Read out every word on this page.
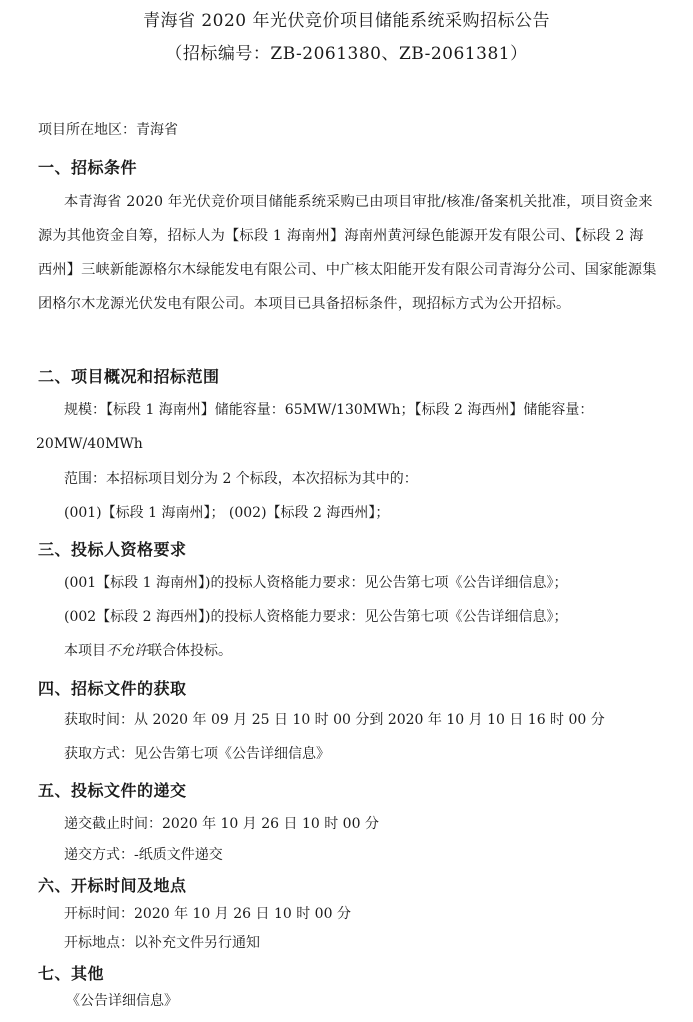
青海省 2020 年光伏竞价项目储能系统采购招标公告
（招标编号：ZB-2061380、ZB-2061381）
项目所在地区：青海省
一、招标条件
本青海省 2020 年光伏竞价项目储能系统采购已由项目审批/核准/备案机关批准，项目资金来源为其他资金自筹，招标人为【标段 1 海南州】海南州黄河绿色能源开发有限公司、【标段 2 海西州】三峡新能源格尔木绿能发电有限公司、中广核太阳能开发有限公司青海分公司、国家能源集团格尔木龙源光伏发电有限公司。本项目已具备招标条件，现招标方式为公开招标。
二、项目概况和招标范围
规模：【标段 1 海南州】储能容量：65MW/130MWh；【标段 2 海西州】储能容量：
20MW/40MWh
范围：本招标项目划分为 2 个标段，本次招标为其中的：
(001)【标段 1 海南州】； (002)【标段 2 海西州】；
三、投标人资格要求
(001【标段 1 海南州】)的投标人资格能力要求：见公告第七项《公告详细信息》；
(002【标段 2 海西州】)的投标人资格能力要求：见公告第七项《公告详细信息》；
本项目不允许联合体投标。
四、招标文件的获取
获取时间：从 2020 年 09 月 25 日 10 时 00 分到 2020 年 10 月 10 日 16 时 00 分
获取方式：见公告第七项《公告详细信息》
五、投标文件的递交
递交截止时间：2020 年 10 月 26 日 10 时 00 分
递交方式：-纸质文件递交
六、开标时间及地点
开标时间：2020 年 10 月 26 日 10 时 00 分
开标地点：以补充文件另行通知
七、其他
《公告详细信息》
